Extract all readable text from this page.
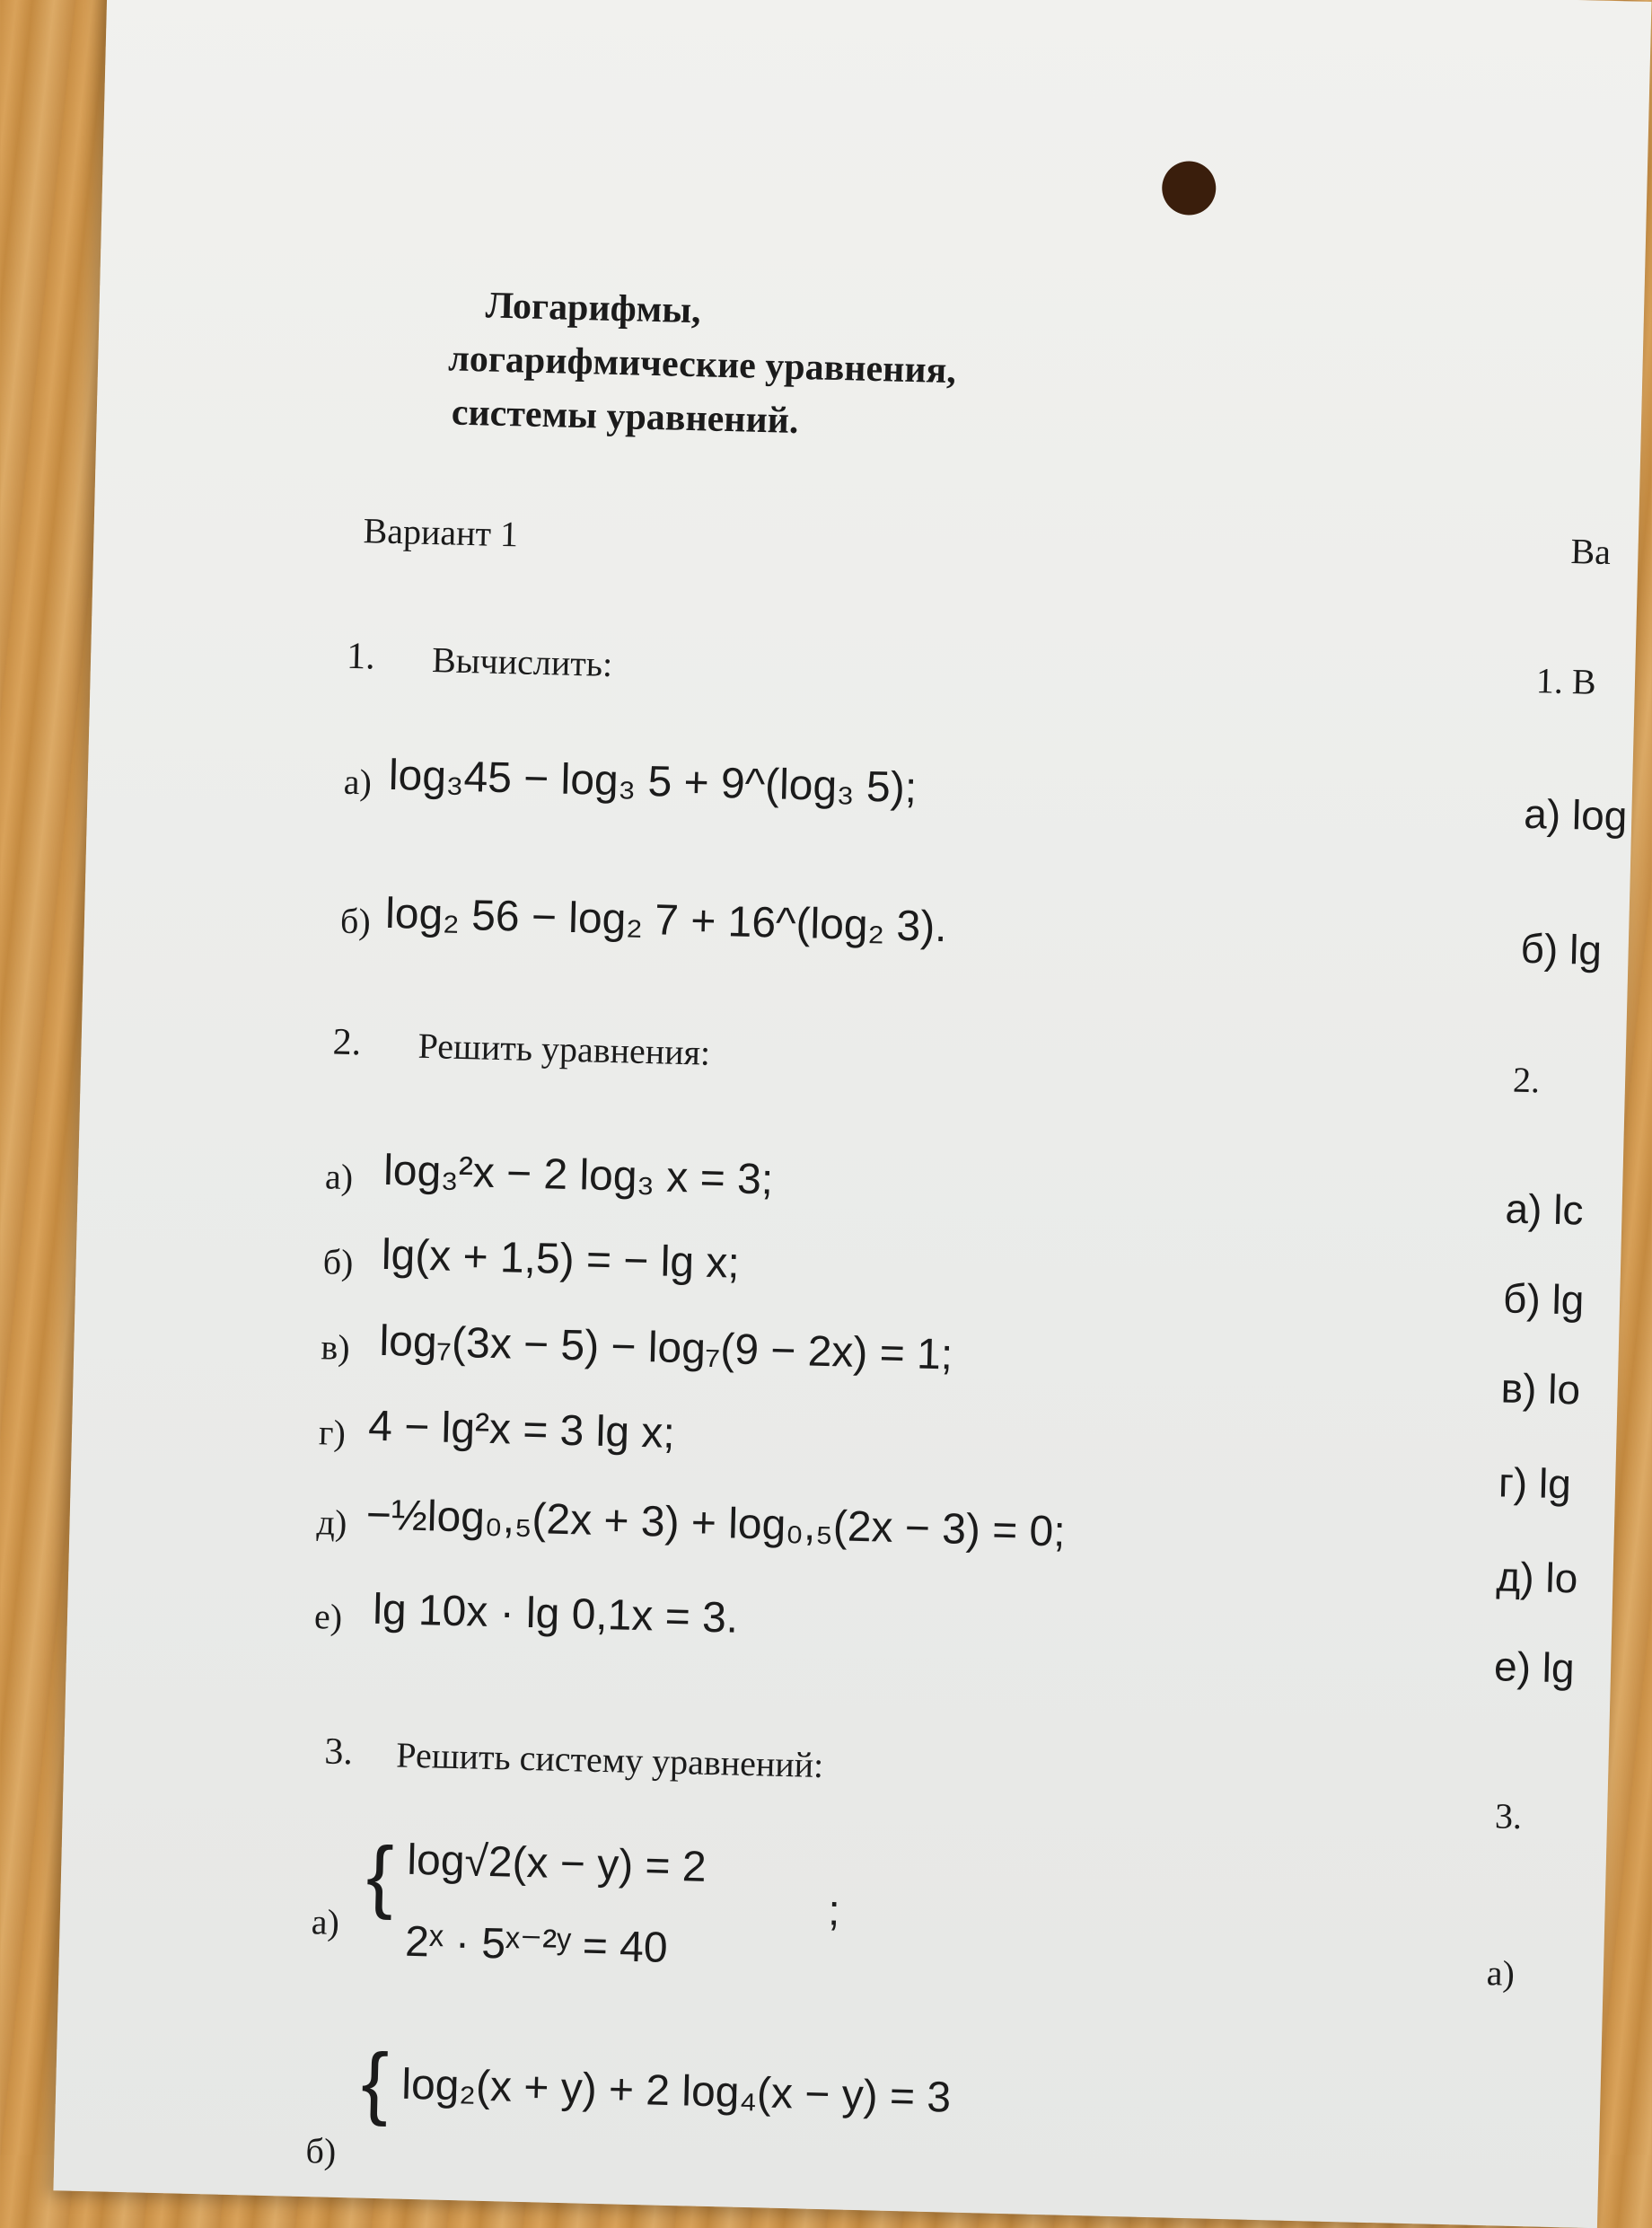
Логарифмы,
логарифмические уравнения,
системы уравнений.
Вариант 1
1. Вычислить:
а) log₃45 − log₃ 5 + 9^(log₃ 5);
б) log₂ 56 − log₂ 7 + 16^(log₂ 3).
2. Решить уравнения:
а) log₃²x − 2 log₃ x = 3;
б) lg(x + 1,5) = − lg x;
в) log₇(3x − 5) − log₇(9 − 2x) = 1;
г) 4 − lg²x = 3 lg x;
д) −½log₀,₅(2x + 3) + log₀,₅(2x − 3) = 0;
е) lg 10x · lg 0,1x = 3.
3. Решить систему уравнений:
а)
{ log√2(x − y) = 2
2ˣ · 5ˣ⁻²ʸ = 40
;
б)
{ log₂(x + y) + 2 log₄(x − y) = 3
Ва
1. В
а) log
б) lg
2.
а) lc
б) lg
в) lo
г) lg
д) lo
е) lg
3.
а)
